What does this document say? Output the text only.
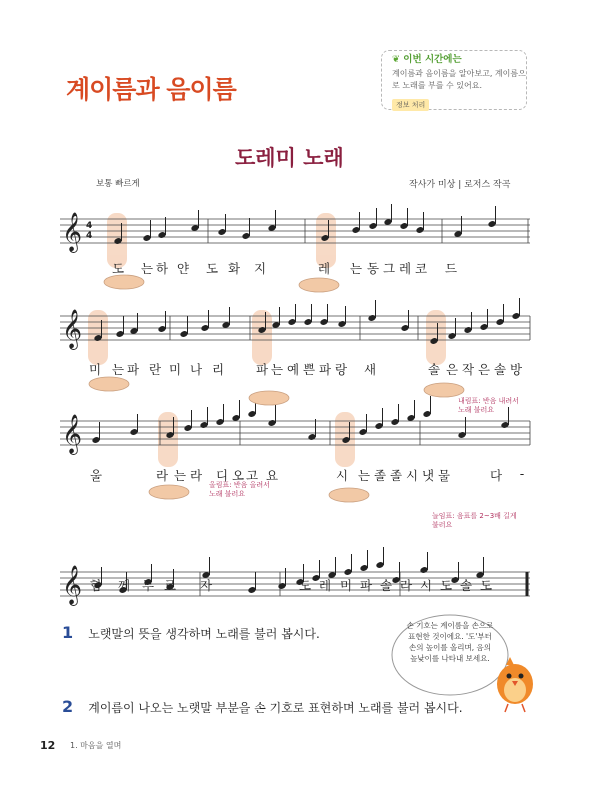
계이름과 음이름
❦ 이번 시간에는
계이름과 음이름을 알아보고, 계이름으로 노래를 부를 수 있어요.
정보 처리
도레미 노래
보통 빠르게	작사가 미상 | 로저스 작곡
𝄞
𝄞
𝄞
𝄞
4
4
도 는 하 얀 도 화 지	레 는 동 그 레 코 드
미 는 파 란 미 나 리	파 는 예 쁜 파 랑 새	솔 은 작 은 솔 방
울	라 는 라 디 오 고 요	시 는 졸 졸 시 냇 물	다	-
함 께 부 르 자	도 레 미 파 솔 라 시 도 솔 도
내림표: 반음 내려서 노래 불러요
올림표: 반음 올려서 노래 불러요
늘임표: 음표를 2~3배 길게 불러요
손 기호는 계이름을 손으로 표현한 것이에요. '도'부터 손의 높이를 올리며, 음의 높낮이를 나타내 보세요.
1 노랫말의 뜻을 생각하며 노래를 불러 봅시다.
2 계이름이 나오는 노랫말 부분을 손 기호로 표현하며 노래를 불러 봅시다.
12 1. 마음을 열며
